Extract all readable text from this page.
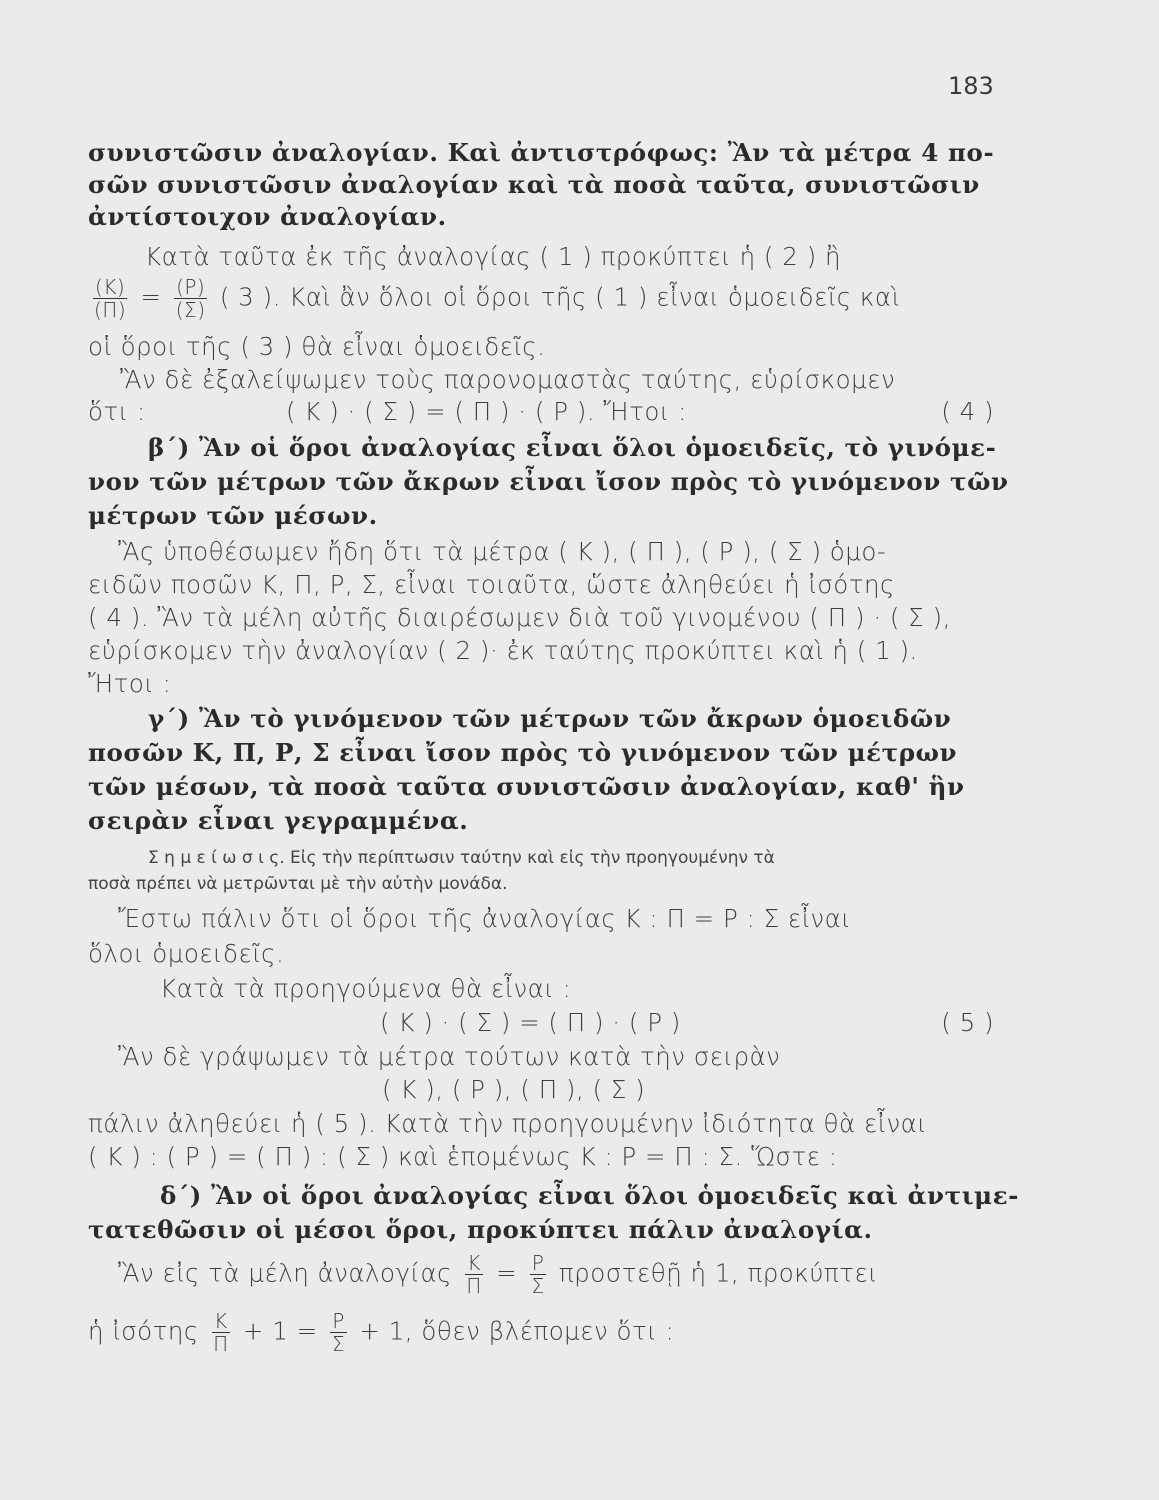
183
συνιστῶσιν ἀναλογίαν. Καὶ ἀντιστρόφως: Ἂν τὰ μέτρα 4 πο-
σῶν συνιστῶσιν ἀναλογίαν καὶ τὰ ποσὰ ταῦτα, συνιστῶσιν
ἀντίστοιχον ἀναλογίαν.
Κατὰ ταῦτα ἐκ τῆς ἀναλογίας ( 1 ) προκύπτει ἡ ( 2 ) ἢ
$\frac{(K)}{(\Pi)} = \frac{(P)}{(\Sigma)}$ ( 3 ). Καὶ ἂν ὅλοι οἱ ὅροι τῆς ( 1 ) εἶναι ὁμοειδεῖς καὶ
οἱ ὅροι τῆς ( 3 ) θὰ εἶναι ὁμοειδεῖς.
Ἂν δὲ ἐξαλείψωμεν τοὺς παρονομαστὰς ταύτης, εὑρίσκομεν
ὅτι :	( Κ ) · ( Σ ) = ( Π ) · ( Ρ ). Ἤτοι :	( 4 )
β΄) Ἂν οἱ ὅροι ἀναλογίας εἶναι ὅλοι ὁμοειδεῖς, τὸ γινόμε-
νον τῶν μέτρων τῶν ἄκρων εἶναι ἴσον πρὸς τὸ γινόμενον τῶν
μέτρων τῶν μέσων.
Ἂς ὑποθέσωμεν ἤδη ὅτι τὰ μέτρα ( Κ ), ( Π ), ( Ρ ), ( Σ ) ὁμο-
ειδῶν ποσῶν Κ, Π, Ρ, Σ, εἶναι τοιαῦτα, ὥστε ἀληθεύει ἡ ἰσότης
( 4 ). Ἂν τὰ μέλη αὐτῆς διαιρέσωμεν διὰ τοῦ γινομένου ( Π ) · ( Σ ),
εὑρίσκομεν τὴν ἀναλογίαν ( 2 )· ἐκ ταύτης προκύπτει καὶ ἡ ( 1 ).
Ἤτοι :
γ΄) Ἂν τὸ γινόμενον τῶν μέτρων τῶν ἄκρων ὁμοειδῶν
ποσῶν Κ, Π, Ρ, Σ εἶναι ἴσον πρὸς τὸ γινόμενον τῶν μέτρων
τῶν μέσων, τὰ ποσὰ ταῦτα συνιστῶσιν ἀναλογίαν, καθ' ἣν
σειρὰν εἶναι γεγραμμένα.
Σ η μ ε ί ω σ ι ς. Εἰς τὴν περίπτωσιν ταύτην καὶ εἰς τὴν προηγουμένην τὰ
ποσὰ πρέπει νὰ μετρῶνται μὲ τὴν αὐτὴν μονάδα.
Ἔστω πάλιν ὅτι οἱ ὅροι τῆς ἀναλογίας Κ : Π = Ρ : Σ εἶναι
ὅλοι ὁμοειδεῖς.
Κατὰ τὰ προηγούμενα θὰ εἶναι :
( Κ ) · ( Σ ) = ( Π ) · ( Ρ )	( 5 )
Ἂν δὲ γράψωμεν τὰ μέτρα τούτων κατὰ τὴν σειρὰν
( Κ ), ( Ρ ), ( Π ), ( Σ )
πάλιν ἀληθεύει ἡ ( 5 ). Κατὰ τὴν προηγουμένην ἰδιότητα θὰ εἶναι
( Κ ) : ( Ρ ) = ( Π ) : ( Σ ) καὶ ἑπομένως Κ : Ρ = Π : Σ. Ὥστε :
δ΄) Ἂν οἱ ὅροι ἀναλογίας εἶναι ὅλοι ὁμοειδεῖς καὶ ἀντιμε-
τατεθῶσιν οἱ μέσοι ὅροι, προκύπτει πάλιν ἀναλογία.
Ἂν εἰς τὰ μέλη ἀναλογίας $\frac{K}{\Pi} = \frac{P}{\Sigma}$ προστεθῇ ἡ 1, προκύπτει
ἡ ἰσότης $\frac{K}{\Pi} + 1 = \frac{P}{\Sigma} + 1$, ὅθεν βλέπομεν ὅτι :
